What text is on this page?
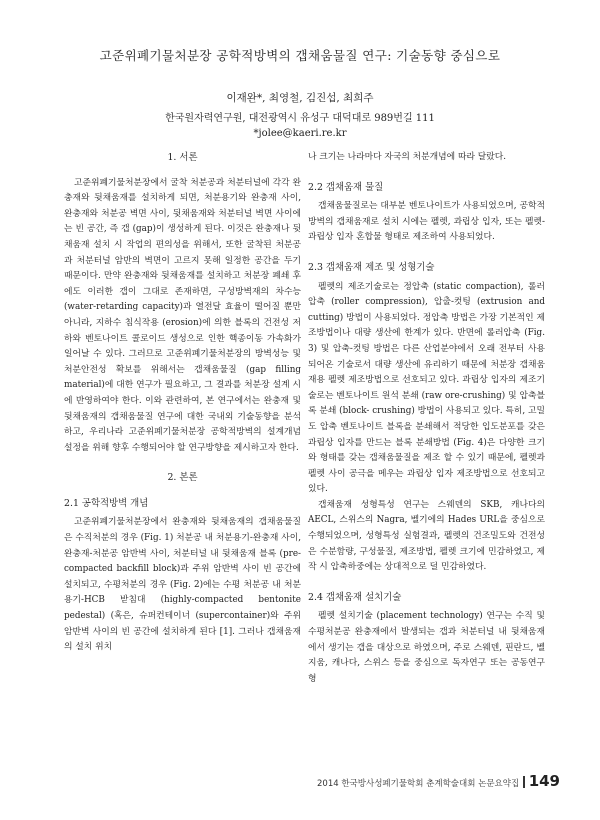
고준위폐기물처분장 공학적방벽의 갭채움물질 연구: 기술동향 중심으로
이재완*, 최영철, 김진섭, 최희주
한국원자력연구원, 대전광역시 유성구 대덕대로 989번길 111
*jolee@kaeri.re.kr
1. 서론

고준위폐기물처분장에서 굴착 처분공과 처분터널에 각각 완충재와 뒷채움재를 설치하게 되면, 처분용기와 완충재 사이, 완충재와 처분공 벽면 사이, 뒷채움재와 처분터널 벽면 사이에는 빈 공간, 즉 갭 (gap)이 생성하게 된다. 이것은 완충재나 뒷채움재 설치 시 작업의 편의성을 위해서, 또한 굴착된 처분공과 처분터널 암반의 벽면이 고르지 못해 일정한 공간을 두기 때문이다. 만약 완충재와 뒷채움재를 설치하고 처분장 폐쇄 후에도 이러한 갭이 그대로 존재하면, 구성방벽재의 차수능 (water-retarding capacity)과 열전달 효율이 떨어질 뿐만 아니라, 지하수 침식작용 (erosion)에 의한 블록의 건전성 저하와 벤토나이트 콜로이드 생성으로 인한 핵종이동 가속화가 일어날 수 있다. 그러므로 고준위폐기물처분장의 방벽성능 및 처분안전성 확보를 위해서는 갭채움물질 (gap filling material)에 대한 연구가 필요하고, 그 결과를 처분장 설계 시에 반영하여야 한다. 이와 관련하여, 본 연구에서는 완충재 및 뒷채움재의 갭채움물질 연구에 대한 국내외 기술동향을 분석하고, 우리나라 고준위폐기물처분장 공학적방벽의 설계개념 설정을 위해 향후 수행되어야 할 연구방향을 제시하고자 한다.

2. 본론
2.1 공학적방벽 개념

고준위폐기물처분장에서 완충재와 뒷채움재의 갭채움물질은 수직처분의 경우 (Fig. 1) 처분공 내 처분용기-완충재 사이, 완충재-처분공 암반벽 사이, 처분터널 내 뒷채움재 블록 (pre-compacted backfill block)과 주위 암반벽 사이 빈 공간에 설치되고, 수평처분의 경우 (Fig. 2)에는 수평 처분공 내 처분용기-HCB 받침대 (highly-compacted bentonite pedestal) (혹은, 슈퍼컨테이너 (supercontainer)와 주위 암반벽 사이의 빈 공간에 설치하게 된다 [1]. 그러나 갭채움재의 설치 위치

나 크기는 나라마다 자국의 처분개념에 따라 달랐다.

2.2 갭채움재 물질

갭채움물질로는 대부분 벤토나이트가 사용되었으며, 공학적방벽의 갭채움재로 설치 시에는 펠렛, 과립상 입자, 또는 펠렛-과립상 입자 혼합물 형태로 제조하여 사용되었다.

2.3 갭채움재 제조 및 성형기술

펠렛의 제조기술로는 정압축 (static compaction), 롤러압축 (roller compression), 압출-컷팅 (extrusion and cutting) 방법이 사용되었다. 정압축 방법은 가장 기본적인 제조방법이나 대량 생산에 한계가 있다. 반면에 롤러압축 (Fig. 3) 및 압축-컷팅 방법은 다른 산업분야에서 오래 전부터 사용되어온 기술로서 대량 생산에 유리하기 때문에 처분장 갭채움재용 펠렛 제조방법으로 선호되고 있다. 과립상 입자의 제조기술로는 벤토나이트 원석 분쇄 (raw ore-crushing) 및 압축블록 분쇄 (block- crushing) 방법이 사용되고 있다. 특히, 고밀도 압축 벤토나이트 블록을 분쇄해서 적당한 입도분포를 갖은 과립상 입자를 만드는 블록 분쇄방법 (Fig. 4)은 다양한 크기와 형태를 갖는 갭채움물질을 제조 할 수 있기 때문에, 펠렛과 펠렛 사이 공극을 메우는 과립상 입자 제조방법으로 선호되고 있다.

갭채움재 성형특성 연구는 스웨덴의 SKB, 캐나다의 AECL, 스위스의 Nagra, 벨기에의 Hades URL을 중심으로 수행되었으며, 성형특성 실험결과, 펠렛의 건조밀도와 건전성은 수분함량, 구성물질, 제조방법, 펠렛 크기에 민감하였고, 제작 시 압축하중에는 상대적으로 덜 민감하였다.

2.4 갭채움재 설치기술

펠렛 설치기술 (placement technology) 연구는 수직 및 수평처분공 완충재에서 발생되는 갭과 처분터널 내 뒷채움재에서 생기는 갭을 대상으로 하였으며, 주로 스웨덴, 핀란드, 벨지움, 캐나다, 스위스 등을 중심으로 독자연구 또는 공동연구형

2014 한국방사성폐기물학회 춘계학술대회 논문요약집 149
